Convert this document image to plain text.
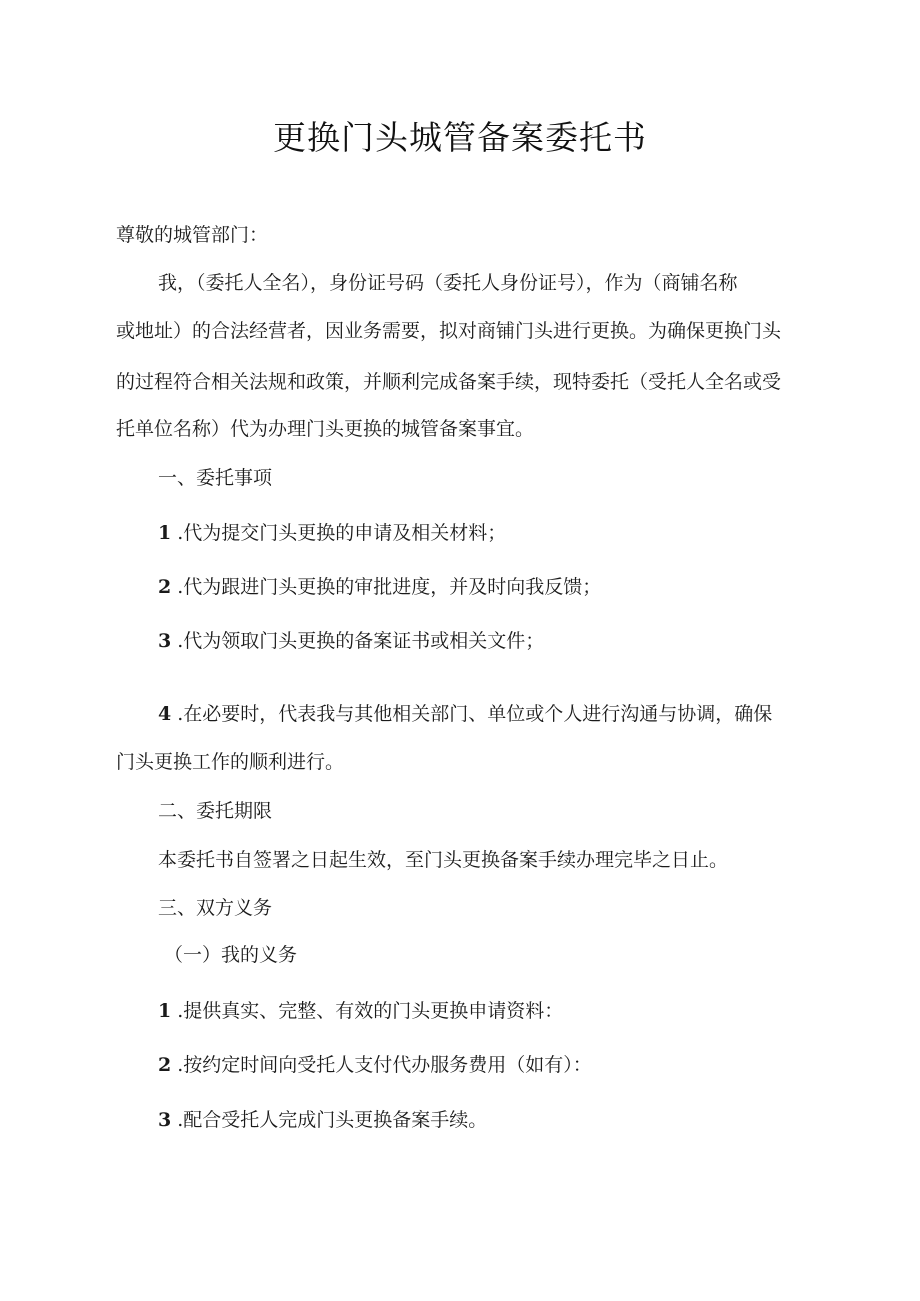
更换门头城管备案委托书
尊敬的城管部门：
我，（委托人全名），身份证号码（委托人身份证号），作为（商铺名称
或地址）的合法经营者，因业务需要，拟对商铺门头进行更换。为确保更换门头
的过程符合相关法规和政策，并顺利完成备案手续，现特委托（受托人全名或受
托单位名称）代为办理门头更换的城管备案事宜。
一、委托事项
1 .代为提交门头更换的申请及相关材料；
2 .代为跟进门头更换的审批进度，并及时向我反馈；
3 .代为领取门头更换的备案证书或相关文件；
4 .在必要时，代表我与其他相关部门、单位或个人进行沟通与协调，确保
门头更换工作的顺利进行。
二、委托期限
本委托书自签署之日起生效，至门头更换备案手续办理完毕之日止。
三、双方义务
（一）我的义务
1 .提供真实、完整、有效的门头更换申请资料：
2 .按约定时间向受托人支付代办服务费用（如有）：
3 .配合受托人完成门头更换备案手续。
